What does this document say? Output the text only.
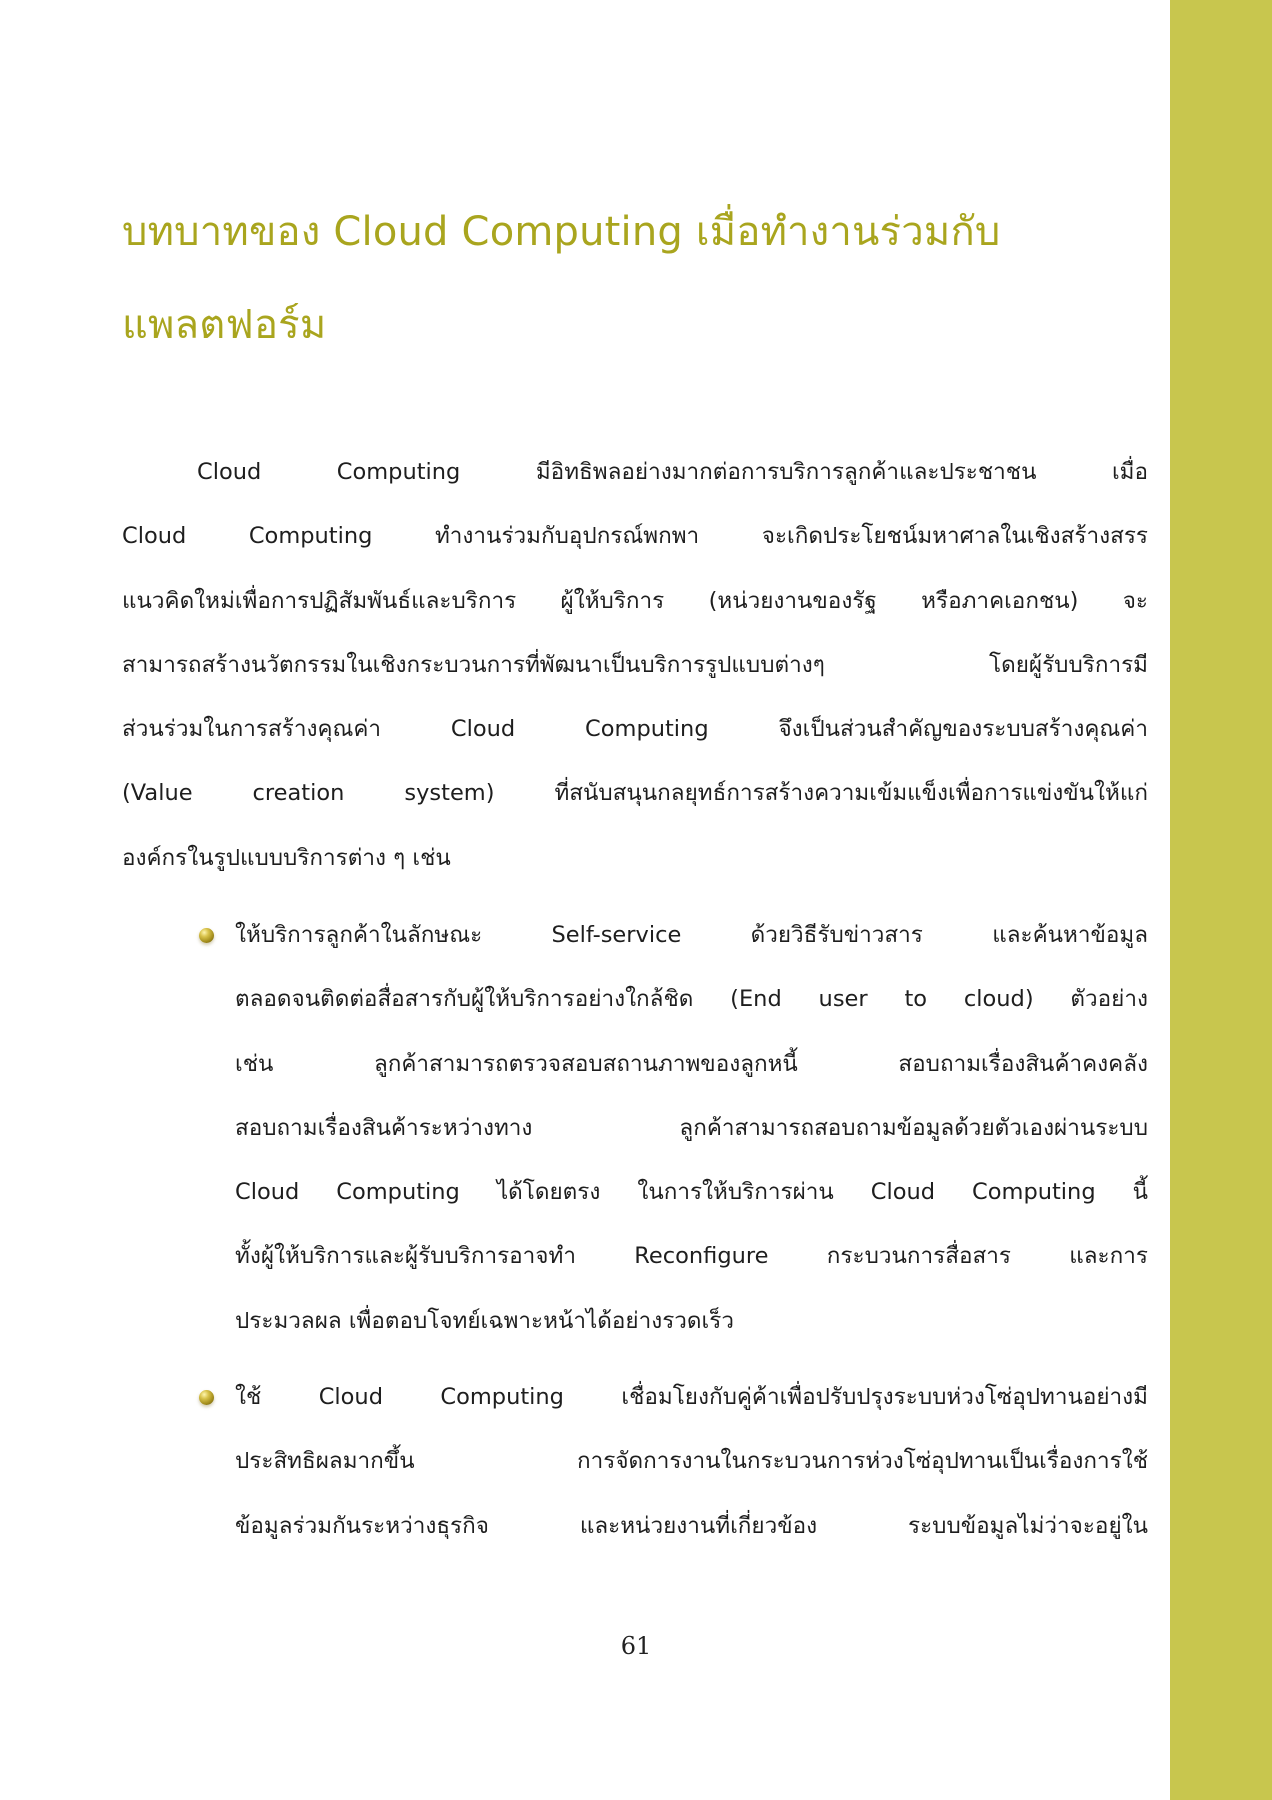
บทบาทของ Cloud Computing เมื่อทำงานร่วมกับ
แพลตฟอร์ม
Cloud Computing มีอิทธิพลอย่างมากต่อการบริการลูกค้าและประชาชน เมื่อ
Cloud Computing ทำงานร่วมกับอุปกรณ์พกพา จะเกิดประโยชน์มหาศาลในเชิงสร้างสรร
แนวคิดใหม่เพื่อการปฏิสัมพันธ์และบริการ ผู้ให้บริการ (หน่วยงานของรัฐ หรือภาคเอกชน) จะ
สามารถสร้างนวัตกรรมในเชิงกระบวนการที่พัฒนาเป็นบริการรูปแบบต่างๆ โดยผู้รับบริการมี
ส่วนร่วมในการสร้างคุณค่า Cloud Computing จึงเป็นส่วนสำคัญของระบบสร้างคุณค่า
(Value creation system) ที่สนับสนุนกลยุทธ์การสร้างความเข้มแข็งเพื่อการแข่งขันให้แก่
องค์กรในรูปแบบบริการต่าง ๆ เช่น
ให้บริการลูกค้าในลักษณะ Self-service ด้วยวิธีรับข่าวสาร และค้นหาข้อมูล
ตลอดจนติดต่อสื่อสารกับผู้ให้บริการอย่างใกล้ชิด (End user to cloud) ตัวอย่าง
เช่น ลูกค้าสามารถตรวจสอบสถานภาพของลูกหนี้ สอบถามเรื่องสินค้าคงคลัง
สอบถามเรื่องสินค้าระหว่างทาง ลูกค้าสามารถสอบถามข้อมูลด้วยตัวเองผ่านระบบ
Cloud Computing ได้โดยตรง ในการให้บริการผ่าน Cloud Computing นี้
ทั้งผู้ให้บริการและผู้รับบริการอาจทำ Reconfigure กระบวนการสื่อสาร และการ
ประมวลผล เพื่อตอบโจทย์เฉพาะหน้าได้อย่างรวดเร็ว
ใช้ Cloud Computing เชื่อมโยงกับคู่ค้าเพื่อปรับปรุงระบบห่วงโซ่อุปทานอย่างมี
ประสิทธิผลมากขึ้น การจัดการงานในกระบวนการห่วงโซ่อุปทานเป็นเรื่องการใช้
ข้อมูลร่วมกันระหว่างธุรกิจ และหน่วยงานที่เกี่ยวข้อง ระบบข้อมูลไม่ว่าจะอยู่ใน
61
